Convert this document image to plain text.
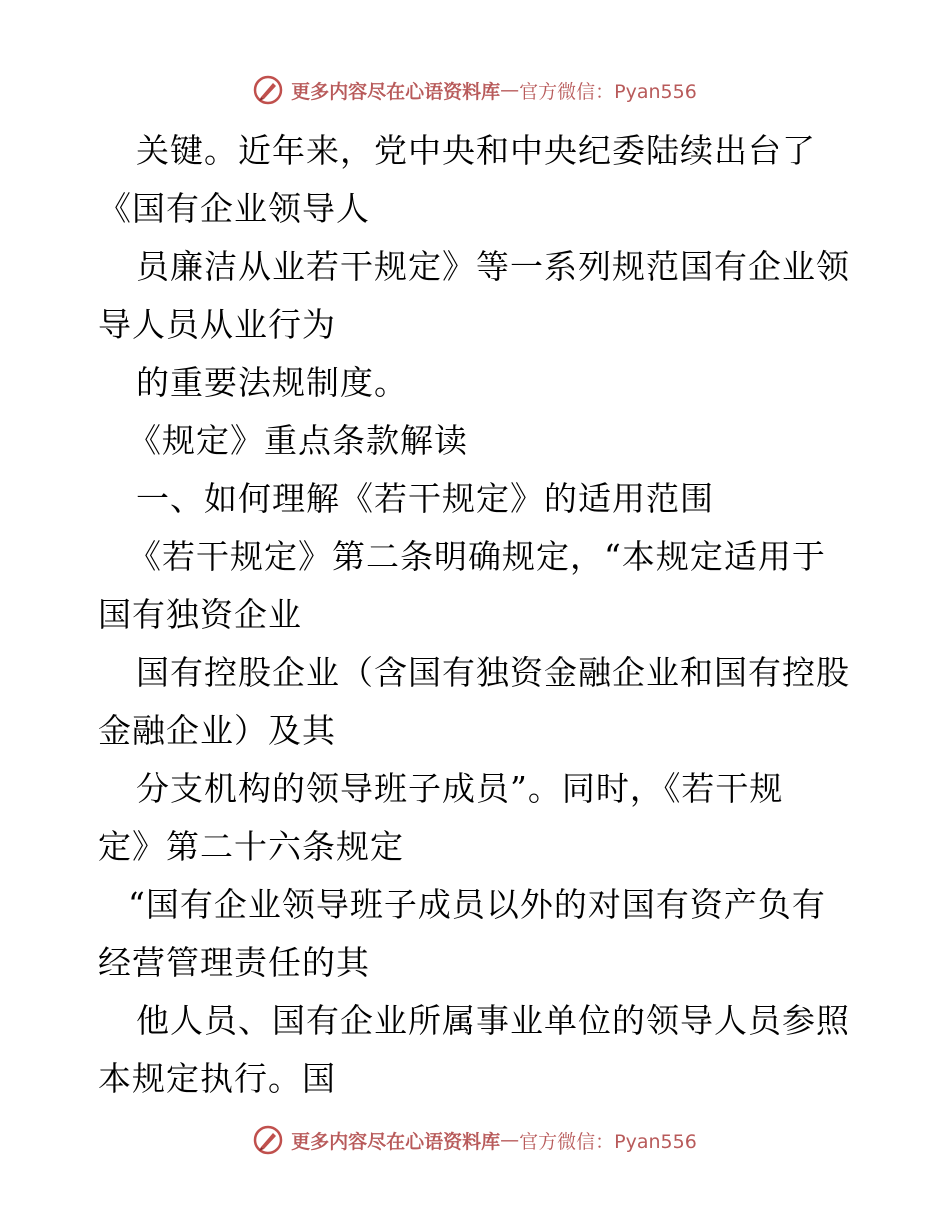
更多内容尽在心语资料库 — 官方微信：Pyan556
关键。近年来，党中央和中央纪委陆续出台了
《国有企业领导人
员廉洁从业若干规定》等一系列规范国有企业领
导人员从业行为
的重要法规制度。
《规定》重点条款解读
一、如何理解《若干规定》的适用范围
《若干规定》第二条明确规定，“本规定适用于
国有独资企业
国有控股企业（含国有独资金融企业和国有控股
金融企业）及其
分支机构的领导班子成员”。同时，《若干规
定》第二十六条规定
“国有企业领导班子成员以外的对国有资产负有
经营管理责任的其
他人员、国有企业所属事业单位的领导人员参照
本规定执行。国
更多内容尽在心语资料库 — 官方微信：Pyan556
